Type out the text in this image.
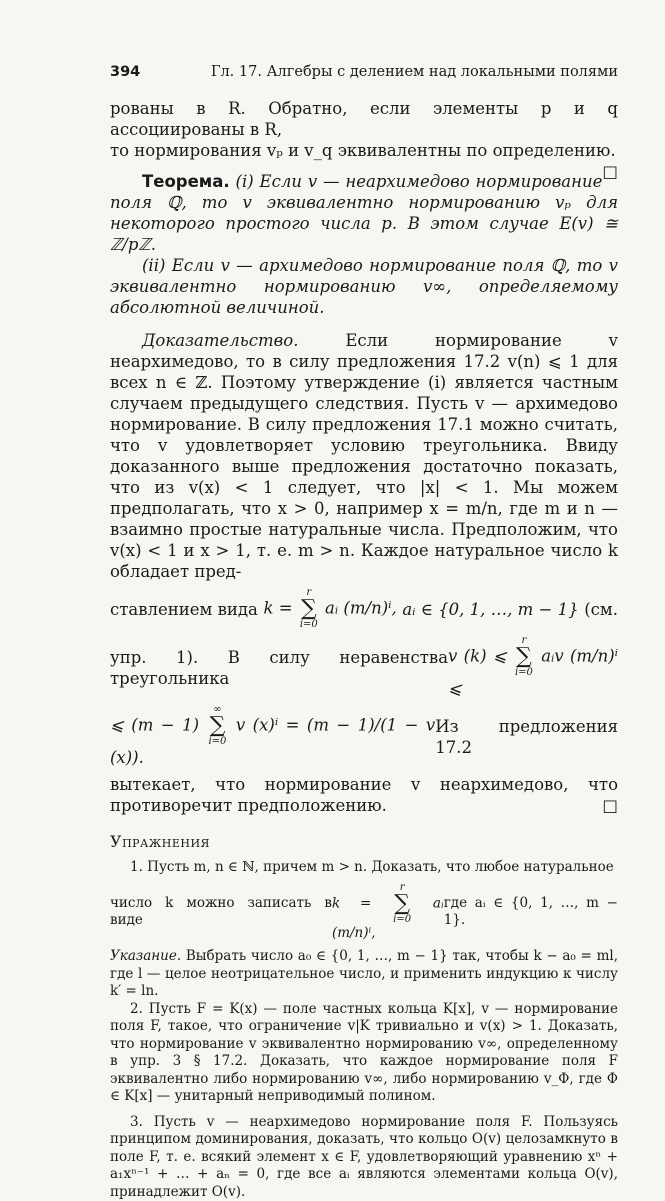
394	Гл. 17. Алгебры с делением над локальными полями

рованы в R. Обратно, если элементы p и q ассоциированы в R,

то нормирования vₚ и v_q эквивалентны по определению.
□

Теорема. (i) Если v — неархимедово нормирование поля ℚ, то v эквивалентно нормированию vₚ для некоторого простого числа p. В этом случае E(v) ≅ ℤ/pℤ.

(ii) Если v — архимедово нормирование поля ℚ, то v эквивалентно нормированию v∞, определяемому абсолютной величиной.

Доказательство.	Если нормирование v неархимедово, то в силу предложения 17.2 v(n) ⩽ 1 для всех n ∈ ℤ. Поэтому утверждение (i) является частным случаем предыдущего следствия. Пусть v — архимедово нормирование. В силу предложения 17.1 можно считать, что v удовлетворяет условию треугольника. Ввиду доказанного выше предложения достаточно показать, что из v(x) < 1 следует, что |x| < 1. Мы можем предполагать, что x > 0, например x = m/n, где m и n — взаимно простые натуральные числа. Предположим, что v(x) < 1 и x > 1, т. е. m > n. Каждое натуральное число k обладает пред-

ставлением вида k =
r
∑
i=0
aᵢ (m/n)ⁱ, aᵢ ∈ {0, 1, …, m − 1} (см.
упр. 1). В силу неравенства треугольника
v (k) ⩽
r
∑
i=0
aᵢv (m/n)ⁱ ⩽
⩽ (m − 1)
∞
∑
i=0
v (x)ⁱ = (m − 1)/(1 − v (x)).
Из предложения 17.2

вытекает, что нормирование v неархимедово, что противоречит предположению.	□

Упражнения

1. Пусть m, n ∈ ℕ, причем m > n. Доказать, что любое натуральное

число k можно записать в виде
k =
r
∑
i=0
aᵢ (m/n)ⁱ,
где aᵢ ∈ {0, 1, …, m − 1}.

Указание. Выбрать число a₀ ∈ {0, 1, …, m − 1} так, чтобы k − a₀ = ml, где l — целое неотрицательное число, и применить индукцию к числу k′ = ln.

2. Пусть F = K(x) — поле частных кольца K[x], v — нормирование поля F, такое, что ограничение v|K тривиально и v(x) > 1. Доказать, что нормирование v эквивалентно нормированию v∞, определенному в упр. 3 § 17.2. Доказать, что каждое нормирование поля F эквивалентно либо нормированию v∞, либо нормированию v_Φ, где Φ ∈ K[x] — унитарный неприводимый полином.

3. Пусть v — неархимедово нормирование поля F. Пользуясь принципом доминирования, доказать, что кольцо O(v) целозамкнуто в поле F, т. е. всякий элемент x ∈ F, удовлетворяющий уравнению xⁿ + a₁xⁿ⁻¹ + … + aₙ = 0, где все aᵢ являются элементами кольца O(v), принадлежит O(v).
